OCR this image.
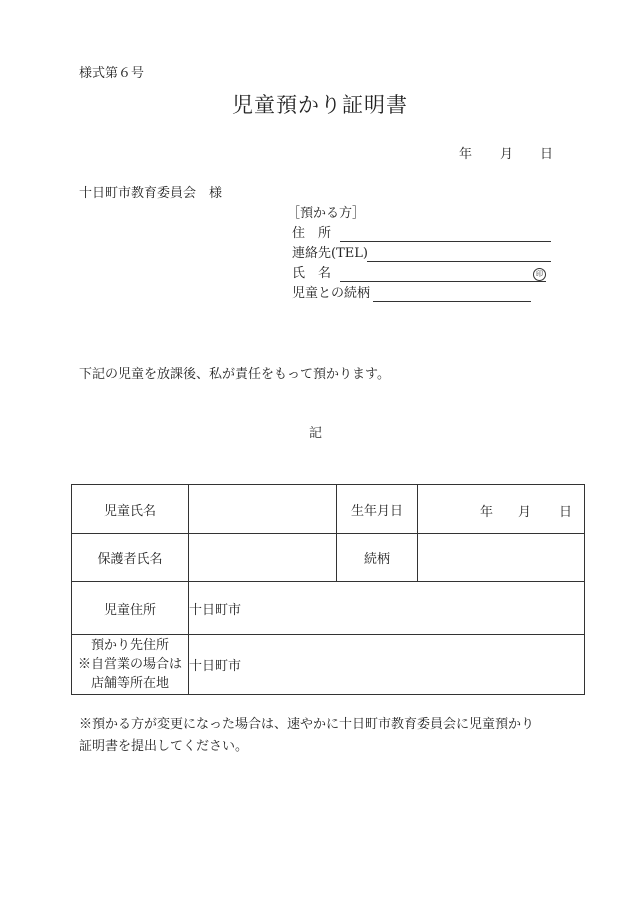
様式第６号
児童預かり証明書
年 月 日
十日町市教育委員会　様
［預かる方］
住　所
連絡先(TEL)
氏　名	印
児童との続柄
下記の児童を放課後、私が責任をもって預かります。
記
児童氏名		生年月日	年 月 日

保護者氏名		続柄	
児童住所	十日町市		

預かり先住所
※自営業の場合は
店舗等所在地	十日町市		
※預かる方が変更になった場合は、速やかに十日町市教育委員会に児童預かり
証明書を提出してください。
